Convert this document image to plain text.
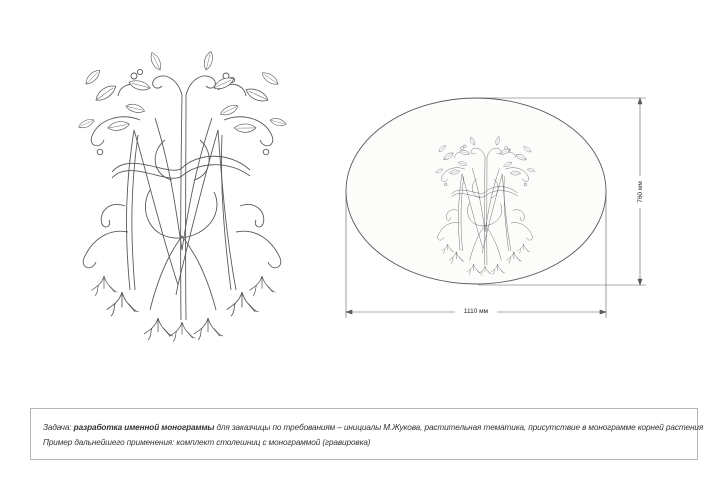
1110 мм
760 мм
Задача: разработка именной монограммы для заказчицы по требованиям – инициалы М.Жукова, растительная тематика, присутствие в монограмме корней растения
Пример дальнейшего применения: комплект столешниц с монограммой (гравировка)
